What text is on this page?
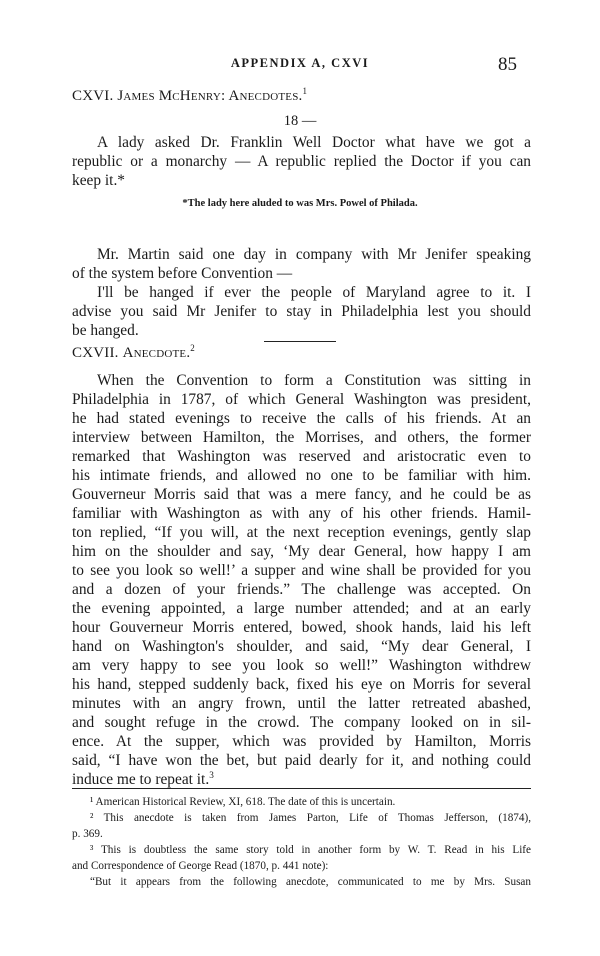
APPENDIX A, CXVI	85
CXVI. James McHenry: Anecdotes.$^1$
18 —
A lady asked Dr. Franklin Well Doctor what have we got a
republic or a monarchy — A republic replied the Doctor if you can
keep it.*
*The lady here aluded to was Mrs. Powel of Philada.
Mr. Martin said one day in company with Mr Jenifer speaking
of the system before Convention —
I'll be hanged if ever the people of Maryland agree to it. I
advise you said Mr Jenifer to stay in Philadelphia lest you should
be hanged.
CXVII. Anecdote.$^2$
When the Convention to form a Constitution was sitting in
Philadelphia in 1787, of which General Washington was president,
he had stated evenings to receive the calls of his friends. At an
interview between Hamilton, the Morrises, and others, the former
remarked that Washington was reserved and aristocratic even to
his intimate friends, and allowed no one to be familiar with him.
Gouverneur Morris said that was a mere fancy, and he could be as
familiar with Washington as with any of his other friends. Hamil-
ton replied, “If you will, at the next reception evenings, gently slap
him on the shoulder and say, ‘My dear General, how happy I am
to see you look so well!’ a supper and wine shall be provided for you
and a dozen of your friends.” The challenge was accepted. On
the evening appointed, a large number attended; and at an early
hour Gouverneur Morris entered, bowed, shook hands, laid his left
hand on Washington's shoulder, and said, “My dear General, I
am very happy to see you look so well!” Washington withdrew
his hand, stepped suddenly back, fixed his eye on Morris for several
minutes with an angry frown, until the latter retreated abashed,
and sought refuge in the crowd. The company looked on in sil-
ence. At the supper, which was provided by Hamilton, Morris
said, “I have won the bet, but paid dearly for it, and nothing could
induce me to repeat it.$^3$
¹ American Historical Review, XI, 618. The date of this is uncertain.
² This anecdote is taken from James Parton, Life of Thomas Jefferson, (1874),
p. 369.
³ This is doubtless the same story told in another form by W. T. Read in his Life
and Correspondence of George Read (1870, p. 441 note):
“But it appears from the following anecdote, communicated to me by Mrs. Susan
